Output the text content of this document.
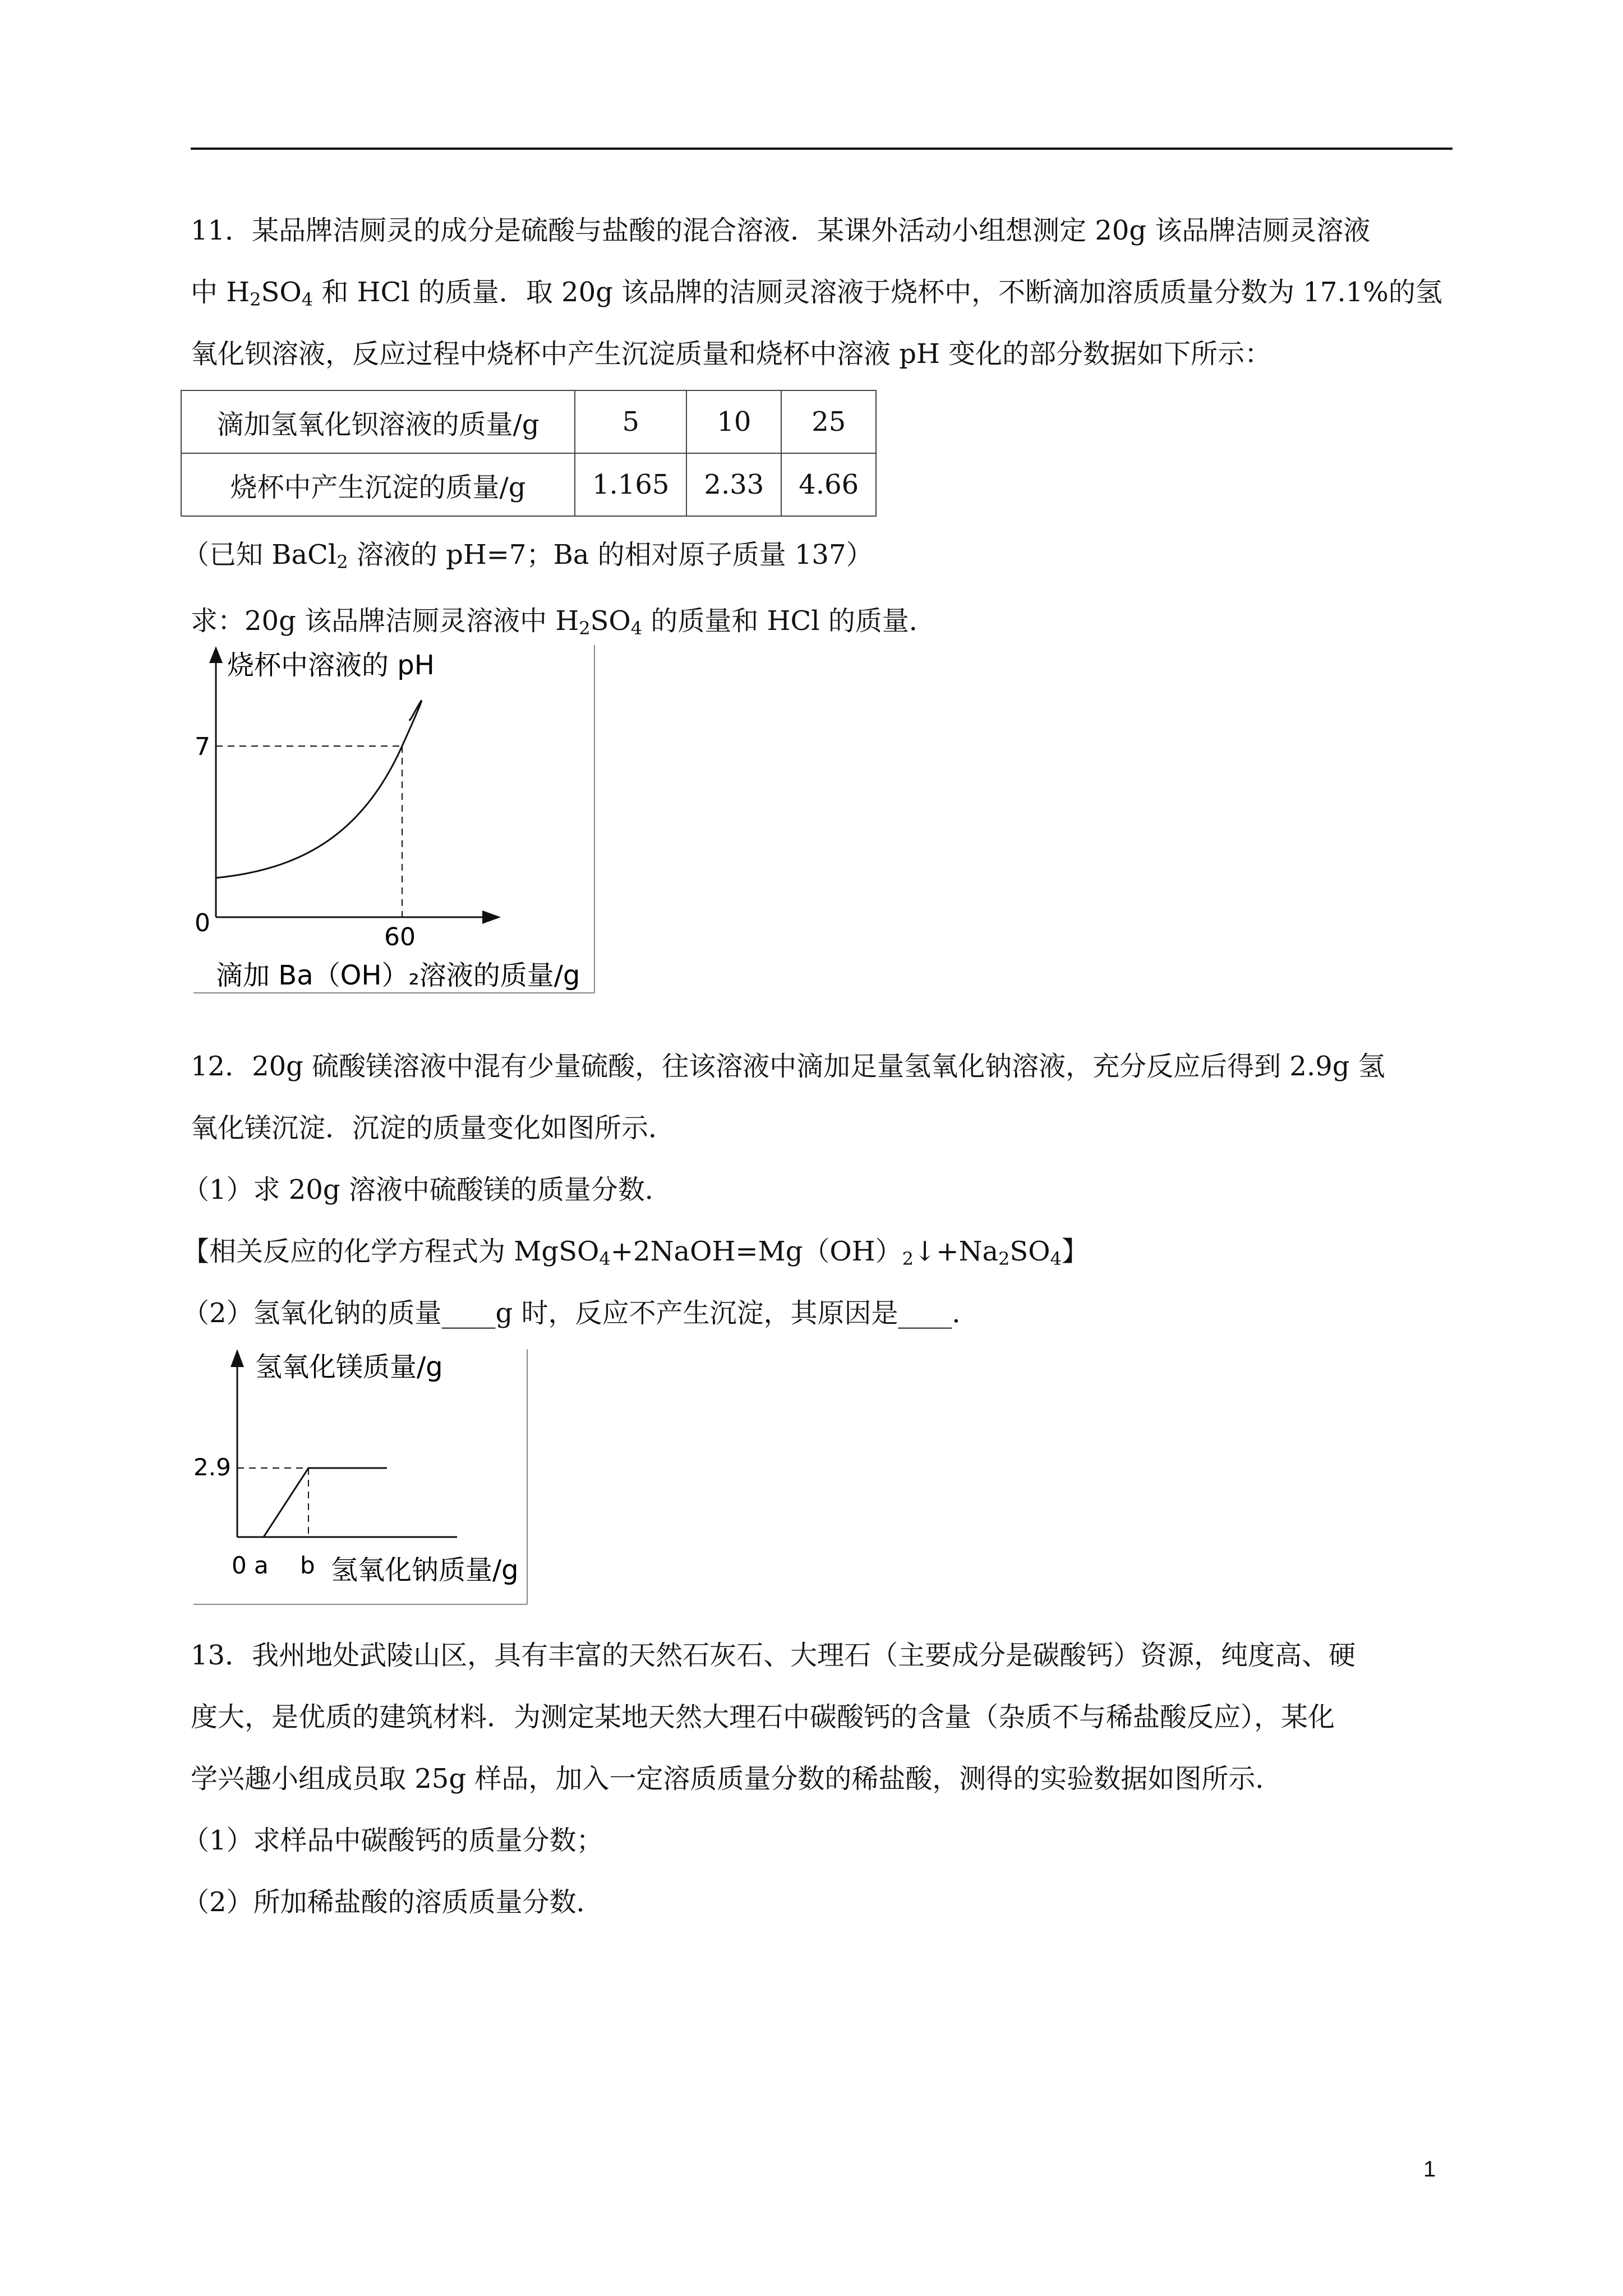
11．某品牌洁厕灵的成分是硫酸与盐酸的混合溶液．某课外活动小组想测定 20g 该品牌洁厕灵溶液
中 $H_2SO_4$ 和 HCl 的质量．取 20g 该品牌的洁厕灵溶液于烧杯中，不断滴加溶质质量分数为 17.1%的氢
氧化钡溶液，反应过程中烧杯中产生沉淀质量和烧杯中溶液 pH 变化的部分数据如下所示：
滴加氢氧化钡溶液的质量/g	5	10	25
烧杯中产生沉淀的质量/g	1.165	2.33	4.66
（已知 BaCl$_2$ 溶液的 pH=7；Ba 的相对原子质量 137）
求：20g 该品牌洁厕灵溶液中 $H_2SO_4$ 的质量和 HCl 的质量．
烧杯中溶液的 pH
7
0	60
滴加 Ba（OH）₂溶液的质量/g
12．20g 硫酸镁溶液中混有少量硫酸，往该溶液中滴加足量氢氧化钠溶液，充分反应后得到 2.9g 氢
氧化镁沉淀．沉淀的质量变化如图所示．
（1）求 20g 溶液中硫酸镁的质量分数．
【相关反应的化学方程式为 $MgSO_4+2NaOH=Mg(OH)_2↓+Na_2SO_4$】
（2）氢氧化钠的质量____g 时，反应不产生沉淀，其原因是____．
氢氧化镁质量/g
2.9
0 a b 氢氧化钠质量/g
13．我州地处武陵山区，具有丰富的天然石灰石、大理石（主要成分是碳酸钙）资源，纯度高、硬
度大，是优质的建筑材料．为测定某地天然大理石中碳酸钙的含量（杂质不与稀盐酸反应），某化
学兴趣小组成员取 25g 样品，加入一定溶质质量分数的稀盐酸，测得的实验数据如图所示．
（1）求样品中碳酸钙的质量分数；
（2）所加稀盐酸的溶质质量分数．
1
